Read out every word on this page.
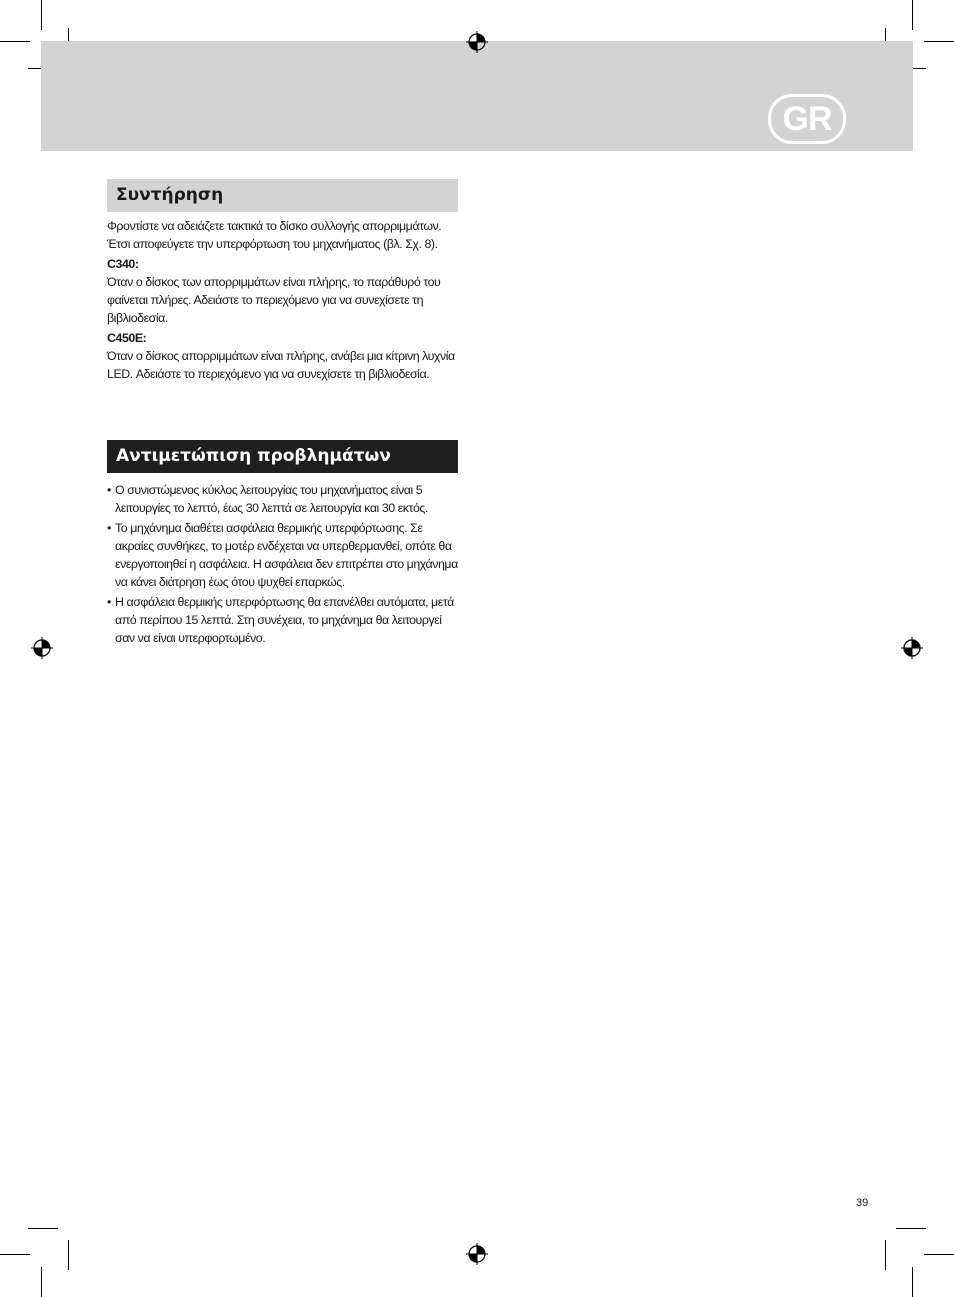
GR
Συντήρηση

Φροντίστε να αδειάζετε τακτικά το δίσκο συλλογής απορριμμάτων. Έτσι αποφεύγετε την υπερφόρτωση του μηχανήματος (βλ. Σχ. 8).

C340:

Όταν ο δίσκος των απορριμμάτων είναι πλήρης, το παράθυρό του φαίνεται πλήρες. Αδειάστε το περιεχόμενο για να συνεχίσετε τη βιβλιοδεσία.

C450E:

Όταν ο δίσκος απορριμμάτων είναι πλήρης, ανάβει μια κίτρινη λυχνία LED. Αδειάστε το περιεχόμενο για να συνεχίσετε τη βιβλιοδεσία.

Αντιμετώπιση προβλημάτων
• Ο συνιστώμενος κύκλος λειτουργίας του μηχανήματος είναι 5 λειτουργίες το λεπτό, έως 30 λεπτά σε λειτουργία και 30 εκτός.
• Το μηχάνημα διαθέτει ασφάλεια θερμικής υπερφόρτωσης. Σε ακραίες συνθήκες, το μοτέρ ενδέχεται να υπερθερμανθεί, οπότε θα ενεργοποιηθεί η ασφάλεια. Η ασφάλεια δεν επιτρέπει στο μηχάνημα να κάνει διάτρηση έως ότου ψυχθεί επαρκώς.
• Η ασφάλεια θερμικής υπερφόρτωσης θα επανέλθει αυτόματα, μετά από περίπου 15 λεπτά. Στη συνέχεια, το μηχάνημα θα λειτουργεί σαν να είναι υπερφορτωμένο.
39
